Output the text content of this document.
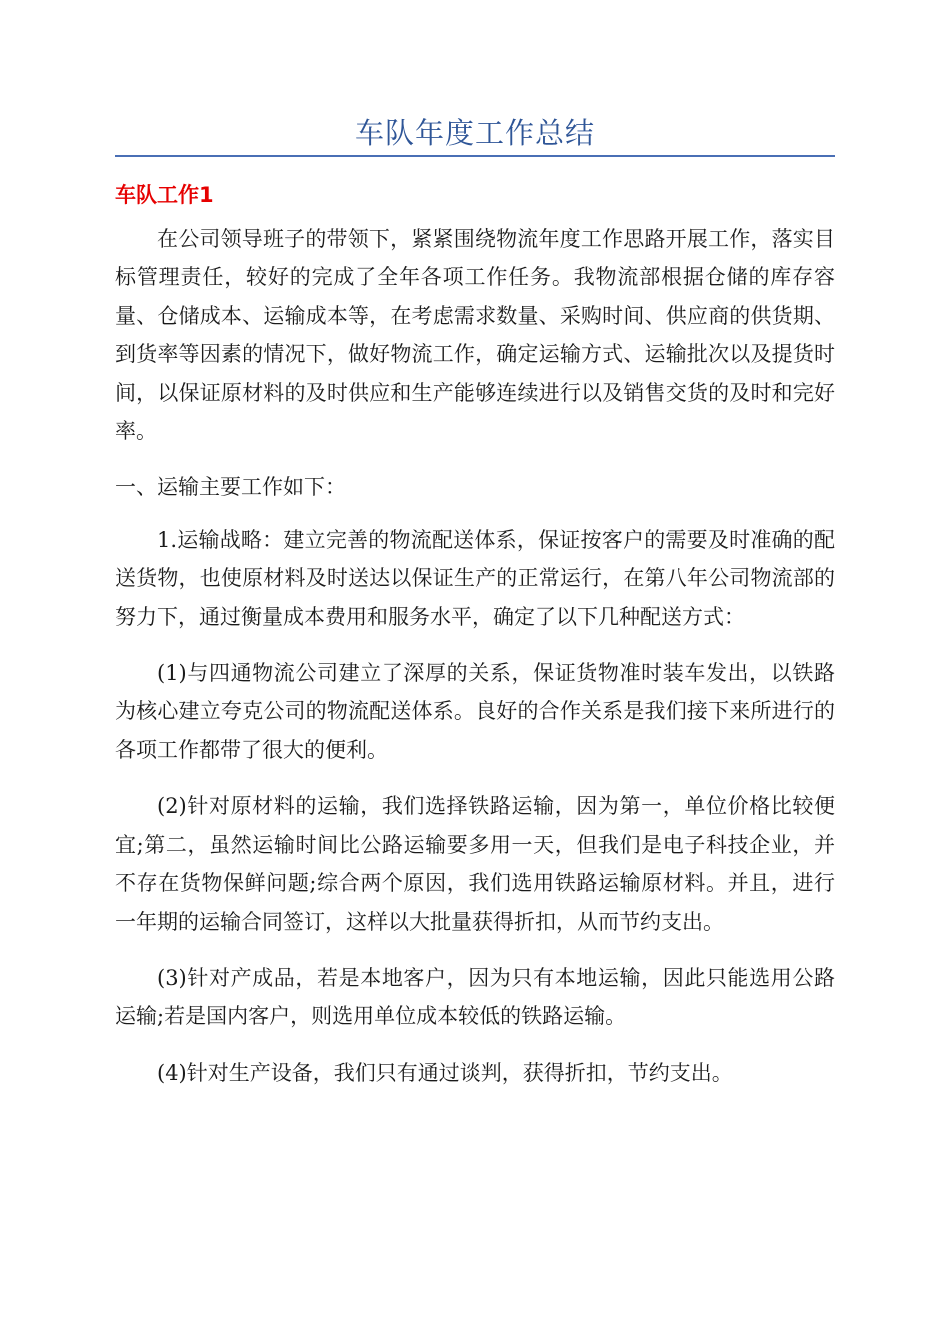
车队年度工作总结
车队工作1

在公司领导班子的带领下，紧紧围绕物流年度工作思路开展工作，落实目标管理责任，较好的完成了全年各项工作任务。我物流部根据仓储的库存容量、仓储成本、运输成本等，在考虑需求数量、采购时间、供应商的供货期、到货率等因素的情况下，做好物流工作，确定运输方式、运输批次以及提货时间，以保证原材料的及时供应和生产能够连续进行以及销售交货的及时和完好率。

一、运输主要工作如下：

1.运输战略：建立完善的物流配送体系，保证按客户的需要及时准确的配送货物，也使原材料及时送达以保证生产的正常运行，在第八年公司物流部的努力下，通过衡量成本费用和服务水平，确定了以下几种配送方式：

(1)与四通物流公司建立了深厚的关系，保证货物准时装车发出，以铁路为核心建立夸克公司的物流配送体系。良好的合作关系是我们接下来所进行的各项工作都带了很大的便利。

(2)针对原材料的运输，我们选择铁路运输，因为第一，单位价格比较便宜;第二，虽然运输时间比公路运输要多用一天，但我们是电子科技企业，并不存在货物保鲜问题;综合两个原因，我们选用铁路运输原材料。并且，进行一年期的运输合同签订，这样以大批量获得折扣，从而节约支出。

(3)针对产成品，若是本地客户，因为只有本地运输，因此只能选用公路运输;若是国内客户，则选用单位成本较低的铁路运输。

(4)针对生产设备，我们只有通过谈判，获得折扣，节约支出。
